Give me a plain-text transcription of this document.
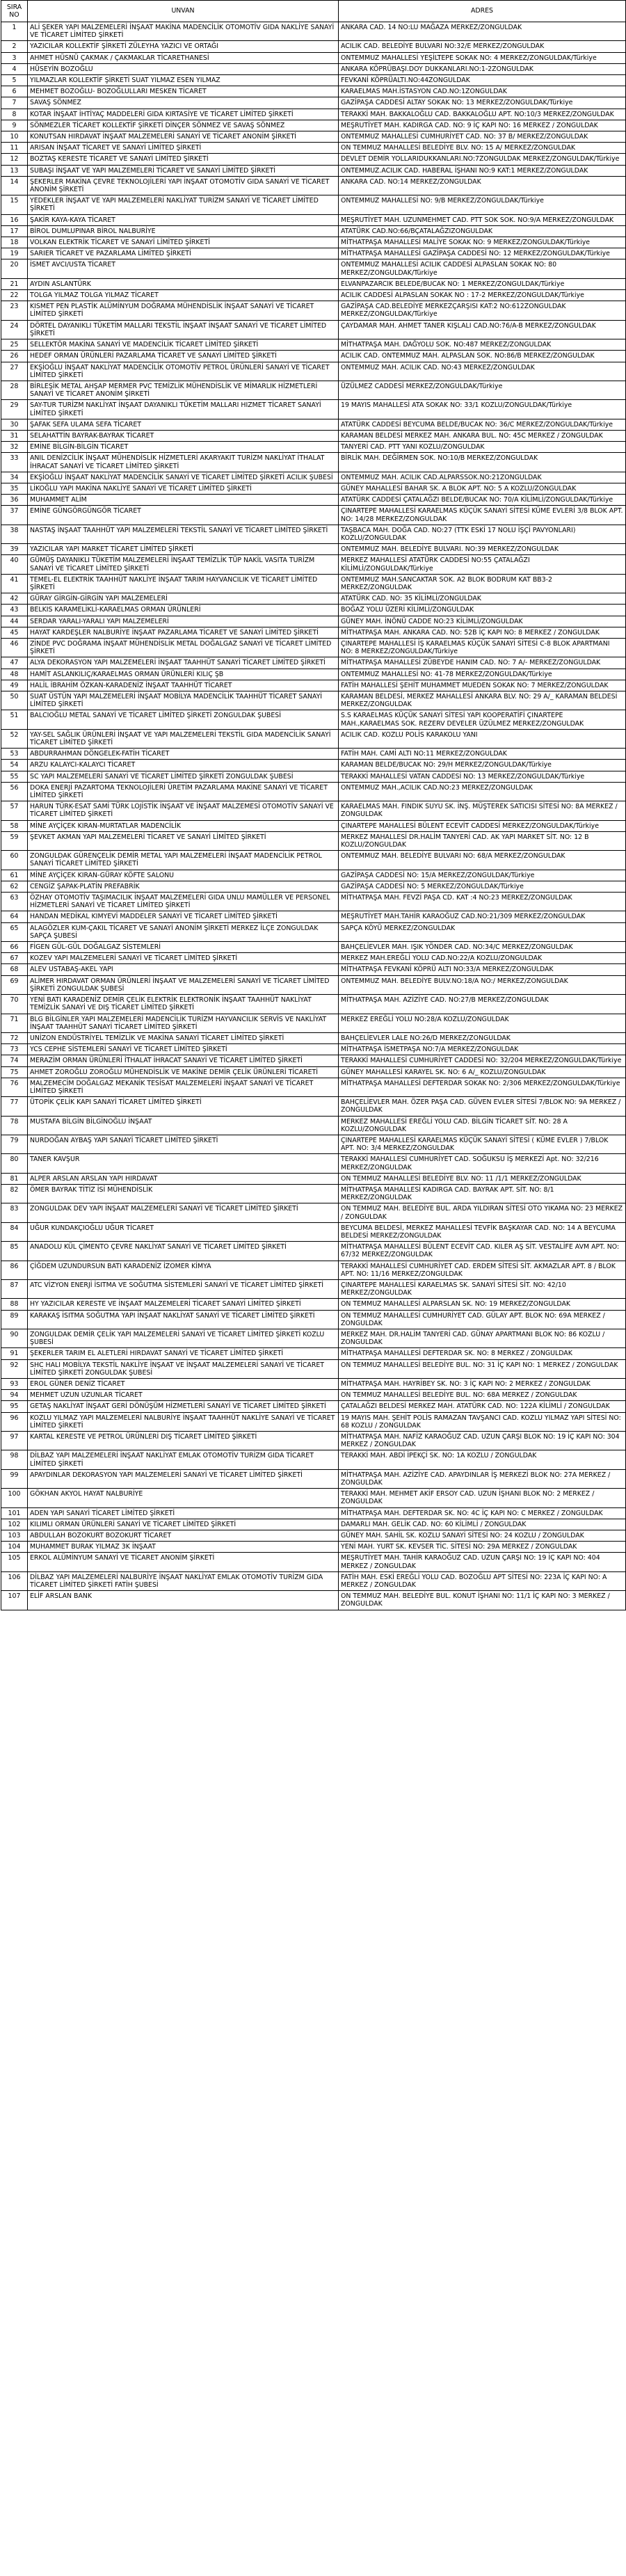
SIRA NO	UNVAN	ADRES
1	ALİ ŞEKER YAPI MALZEMELERİ İNŞAAT MAKİNA MADENCİLİK OTOMOTİV GIDA NAKLİYE SANAYİ VE TİCARET LİMİTED ŞİRKETİ	ANKARA CAD. 14 NO:LU MAĞAZA MERKEZ/ZONGULDAK
2	YAZICILAR KOLLEKTİF ŞİRKETİ ZÜLEYHA YAZICI VE ORTAĞI	ACILIK CAD. BELEDİYE BULVARI NO:32/E MERKEZ/ZONGULDAK
3	AHMET HÜSNÜ ÇAKMAK / ÇAKMAKLAR TİCARETHANESİ	ONTEMMUZ MAHALLESİ YEŞİLTEPE SOKAK NO: 4 MERKEZ/ZONGULDAK/Türkiye
4	HÜSEYİN BOZOĞLU	ANKARA KÖPRÜBAŞI.DOY DUKKANLARI.NO:1-2ZONGULDAK
5	YILMAZLAR KOLLEKTİF ŞİRKETİ SUAT YILMAZ ESEN YILMAZ	FEVKANİ KÖPRÜALTI.NO:44ZONGULDAK
6	MEHMET BOZOĞLU- BOZOĞLULLARI MESKEN TİCARET	KARAELMAS MAH.İSTASYON CAD.NO:1ZONGULDAK
7	SAVAŞ SÖNMEZ	GAZİPAŞA CADDESİ ALTAY SOKAK NO: 13 MERKEZ/ZONGULDAK/Türkiye
8	KOTAR İNŞAAT İHTİYAÇ MADDELERİ GIDA KIRTASİYE VE TİCARET LİMİTED ŞİRKETİ	TERAKKİ MAH. BAKKALOĞLU CAD. BAKKALOĞLU APT. NO:10/3 MERKEZ/ZONGULDAK
9	SÖNMEZLER TİCARET KOLLEKTİF ŞİRKETİ DİNÇER SÖNMEZ VE SAVAŞ SÖNMEZ	MEŞRUTİYET MAH. KADIRGA CAD. NO: 9 İÇ KAPI NO: 16 MERKEZ / ZONGULDAK
10	KONUTSAN HIRDAVAT İNŞAAT MALZEMELERİ SANAYİ VE TİCARET ANONİM ŞİRKETİ	ONTEMMUZ MAHALLESİ CUMHURİYET CAD. NO: 37 B/ MERKEZ/ZONGULDAK
11	ARISAN İNŞAAT TİCARET VE SANAYİ LİMİTED ŞİRKETİ	ON TEMMUZ MAHALLESİ BELEDİYE BLV. NO: 15 A/ MERKEZ/ZONGULDAK
12	BOZTAŞ KERESTE TİCARET VE SANAYİ LİMİTED ŞİRKETİ	DEVLET DEMİR YOLLARIDUKKANLARI.NO:7ZONGULDAK MERKEZ/ZONGULDAK/Türkiye
13	SUBAŞI İNŞAAT VE YAPI MALZEMELERİ TİCARET VE SANAYİ LİMİTED ŞİRKETİ	ONTEMMUZ.ACILIK CAD. HABERAL İŞHANI NO:9 KAT:1 MERKEZ/ZONGULDAK
14	ŞEKERLER MAKİNA ÇEVRE TEKNOLOJİLERİ YAPI İNŞAAT OTOMOTİV GIDA SANAYİ VE TİCARET ANONİM ŞİRKETİ	ANKARA CAD. NO:14 MERKEZ/ZONGULDAK
15	YEDEKLER İNŞAAT VE YAPI MALZEMELERİ NAKLİYAT TURİZM SANAYİ VE TİCARET LİMİTED ŞİRKETİ	ONTEMMUZ MAHALLESİ NO: 9/B MERKEZ/ZONGULDAK/Türkiye
16	ŞAKİR KAYA-KAYA TİCARET	MEŞRUTİYET MAH. UZUNMEHMET CAD. PTT SOK SOK. NO:9/A MERKEZ/ZONGULDAK
17	BİROL DUMLUPINAR BİROL NALBURİYE	ATATÜRK CAD.NO:66/BÇATALAĞZIZONGULDAK
18	VOLKAN ELEKTRİK TİCARET VE SANAYİ LİMİTED ŞİRKETİ	MİTHATPAŞA MAHALLESİ MALİYE SOKAK NO: 9 MERKEZ/ZONGULDAK/Türkiye
19	SARIER TİCARET VE PAZARLAMA LİMİTED ŞİRKETİ	MİTHATPAŞA MAHALLESİ GAZİPAŞA CADDESİ NO: 12 MERKEZ/ZONGULDAK/Türkiye
20	İSMET AVCI/USTA TİCARET	ONTEMMUZ MAHALLESİ ACILIK CADDESİ ALPASLAN SOKAK NO: 80 MERKEZ/ZONGULDAK/Türkiye
21	AYDIN ASLANTÜRK	ELVANPAZARCIK BELEDE/BUCAK NO: 1 MERKEZ/ZONGULDAK/Türkiye
22	TOLGA YILMAZ TOLGA YILMAZ TİCARET	ACILIK CADDESİ ALPASLAN SOKAK NO : 17-2 MERKEZ/ZONGULDAK/Türkiye
23	KISMET PEN PLASTİK ALÜMİNYUM DOĞRAMA MÜHENDİSLİK İNŞAAT SANAYİ VE TİCARET LİMİTED ŞİRKETİ	GAZİPAŞA CAD.BELEDİYE MERKEZÇARŞISI KAT:2 NO:612ZONGULDAK MERKEZ/ZONGULDAK/Türkiye
24	DÖRTEL DAYANIKLI TÜKETİM MALLARI TEKSTİL İNŞAAT İNŞAAT SANAYİ VE TİCARET LİMİTED ŞİRKETİ	ÇAYDAMAR MAH. AHMET TANER KIŞLALI CAD.NO:76/A-B MERKEZ/ZONGULDAK
25	SELLEKTÖR MAKİNA SANAYİ VE MADENCİLİK TİCARET LİMİTED ŞİRKETİ	MİTHATPAŞA MAH. DAĞYOLU SOK. NO:487 MERKEZ/ZONGULDAK
26	HEDEF ORMAN ÜRÜNLERİ PAZARLAMA TİCARET VE SANAYİ LİMİTED ŞİRKETİ	ACILIK CAD. ONTEMMUZ MAH. ALPASLAN SOK. NO:86/B MERKEZ/ZONGULDAK
27	EKŞİOĞLU İNŞAAT NAKLİYAT MADENCİLİK OTOMOTİV PETROL ÜRÜNLERİ SANAYİ VE TİCARET LİMİTED ŞİRKETİ	ONTEMMUZ MAH. ACILIK CAD. NO:43 MERKEZ/ZONGULDAK
28	BİRLEŞİK METAL AHŞAP MERMER PVC TEMİZLİK MÜHENDİSLİK VE MİMARLIK HİZMETLERİ SANAYİ VE TİCARET ANONİM ŞİRKETİ	ÜZÜLMEZ CADDESİ MERKEZ/ZONGULDAK/Türkiye
29	SAY-TUR TURİZM NAKLİYAT İNŞAAT DAYANIKLI TÜKETİM MALLARI HIZMET TİCARET SANAYİ LİMİTED ŞİRKETİ	19 MAYIS MAHALLESİ ATA SOKAK NO: 33/1 KOZLU/ZONGULDAK/Türkiye
30	ŞAFAK SEFA ULAMA SEFA TİCARET	ATATÜRK CADDESİ BEYCUMA BELDE/BUCAK NO: 36/C MERKEZ/ZONGULDAK/Türkiye
31	SELAHATTİN BAYRAK-BAYRAK TİCARET	KARAMAN BELDESİ MERKEZ MAH. ANKARA BUL. NO: 45C MERKEZ / ZONGULDAK
32	EMİNE BİLGİN-BİLGİN TİCARET	TANYERİ CAD. PTT YANI KOZLU/ZONGULDAK
33	ANIL DENİZCİLİK İNŞAAT MÜHENDİSLİK HİZMETLERİ AKARYAKIT TURİZM NAKLİYAT İTHALAT İHRACAT SANAYİ VE TİCARET LİMİTED ŞİRKETİ	BİRLİK MAH. DEĞİRMEN SOK. NO:10/B MERKEZ/ZONGULDAK
34	EKŞİOĞLU İNŞAAT NAKLİYAT MADENCİLİK SANAYİ VE TİCARET LİMİTED ŞİRKETİ ACILIK ŞUBESİ	ONTEMMUZ MAH. ACILIK CAD.ALPARSSOK.NO:21ZONGULDAK
35	LİKOĞLU YAPI MAKİNA NAKLİYE SANAYİ VE TİCARET LİMİTED ŞİRKETİ	GÜNEY MAHALLESİ BAHAR SK. A BLOK APT. NO: 5 A KOZLU/ZONGULDAK
36	MUHAMMET ALİM	ATATÜRK CADDESİ ÇATALAĞZI BELDE/BUCAK NO: 70/A KİLİMLİ/ZONGULDAK/Türkiye
37	EMİNE GÜNGÖRGÜNGÖR TİCARET	ÇINARTEPE MAHALLESİ KARAELMAS KÜÇÜK SANAYİ SİTESİ KÜME EVLERİ 3/8 BLOK APT. NO: 14/28 MERKEZ/ZONGULDAK
38	NASTAŞ İNŞAAT TAAHHÜT YAPI MALZEMELERİ TEKSTİL SANAYİ VE TİCARET LİMİTED ŞİRKETİ	TAŞBACA MAH. DOĞA CAD. NO:27 (TTK ESKİ 17 NOLU İŞÇİ PAVYONLARI) KOZLU/ZONGULDAK
39	YAZICILAR YAPI MARKET TİCARET LİMİTED ŞİRKETİ	ONTEMMUZ MAH. BELEDİYE BULVARI. NO:39 MERKEZ/ZONGULDAK
40	GÜMÜŞ DAYANIKLI TÜKETİM MALZEMELERİ İNŞAAT TEMİZLİK TÜP NAKİL VASITA TURİZM SANAYİ VE TİCARET LİMİTED ŞİRKETİ	MERKEZ MAHALLESİ ATATÜRK CADDESİ NO:55 ÇATALAĞZI KİLİMLİ/ZONGULDAK/Türkiye
41	TEMEL-EL ELEKTRİK TAAHHÜT NAKLİYE İNŞAAT TARIM HAYVANCILIK VE TİCARET LİMİTED ŞİRKETİ	ONTEMMUZ MAH.SANCAKTAR SOK. A2 BLOK BODRUM KAT BB3-2 MERKEZ/ZONGULDAK
42	GÜRAY GİRGİN-GİRGİN YAPI MALZEMELERİ	ATATÜRK CAD. NO: 35 KİLİMLİ/ZONGULDAK
43	BELKIS KARAMELİKLİ-KARAELMAS ORMAN ÜRÜNLERİ	BOĞAZ YOLU ÜZERİ KİLİMLİ/ZONGULDAK
44	SERDAR YARALI-YARALI YAPI MALZEMELERİ	GÜNEY MAH. İNÖNÜ CADDE NO:23 KİLİMLİ/ZONGULDAK
45	HAYAT KARDEŞLER NALBURİYE İNŞAAT PAZARLAMA TİCARET VE SANAYİ LİMİTED ŞİRKETİ	MİTHATPAŞA MAH. ANKARA CAD. NO: 52B İÇ KAPI NO: 8 MERKEZ / ZONGULDAK
46	ZİNDE PVC DOĞRAMA İNŞAAT MÜHENDİSLİK METAL DOĞALGAZ SANAYİ VE TİCARET LİMİTED ŞİRKETİ	ÇINARTEPE MAHALLESİ İŞ KARAELMAS KÜÇÜK SANAYİ SİTESİ C-8 BLOK APARTMANI NO: 8 MERKEZ/ZONGULDAK/Türkiye
47	ALYA DEKORASYON YAPI MALZEMELERİ İNŞAAT TAAHHÜT SANAYİ TİCARET LİMİTED ŞİRKETİ	MİTHATPAŞA MAHALLESİ ZÜBEYDE HANIM CAD. NO: 7 A/- MERKEZ/ZONGULDAK
48	HAMİT ASLANKILIÇ/KARAELMAS ORMAN ÜRÜNLERİ KILIÇ ŞB	ONTEMMUZ MAHALLESİ NO: 41-78 MERKEZ/ZONGULDAK/Türkiye
49	HALİL İBRAHİM ÖZKAN-KARADENİZ İNŞAAT TAAHHÜT TİCARET	FATİH MAHALLESİ ŞEHİT MUHAMMET MUEDEN SOKAK NO: 7 MERKEZ/ZONGULDAK
50	SUAT ÜSTÜN YAPI MALZEMELERİ İNŞAAT MOBİLYA MADENCİLİK TAAHHÜT TİCARET SANAYİ LİMİTED ŞİRKETİ	KARAMAN BELDESİ, MERKEZ MAHALLESİ ANKARA BLV. NO: 29 A/_ KARAMAN BELDESİ MERKEZ/ZONGULDAK
51	BALCIOĞLU METAL SANAYİ VE TİCARET LİMİTED ŞİRKETİ ZONGULDAK ŞUBESİ	S.S KARAELMAS KÜÇÜK SANAYİ SİTESİ YAPI KOOPERATİFİ ÇINARTEPE MAH.,KARAELMAS SOK. REZERV DEVELER ÜZÜLMEZ MERKEZ/ZONGULDAK
52	YAY-SEL SAĞLIK ÜRÜNLERİ İNŞAAT VE YAPI MALZEMELERİ TEKSTİL GIDA MADENCİLİK SANAYİ TİCARET LİMİTED ŞİRKETİ	ACILIK CAD. KOZLU POLİS KARAKOLU YANI
53	ABDURRAHMAN DÖNGELEK-FATİH TİCARET	FATİH MAH. CAMİ ALTI NO:11 MERKEZ/ZONGULDAK
54	ARZU KALAYCI-KALAYCI TİCARET	KARAMAN BELDE/BUCAK NO: 29/H MERKEZ/ZONGULDAK/Türkiye
55	SC YAPI MALZEMELERİ SANAYİ VE TİCARET LİMİTED ŞİRKETİ ZONGULDAK ŞUBESİ	TERAKKİ MAHALLESİ VATAN CADDESİ NO: 13 MERKEZ/ZONGULDAK/Türkiye
56	DOKA ENERJİ PAZARTOMA TEKNOLOJİLERİ ÜRETİM PAZARLAMA MAKİNE SANAYİ VE TİCARET LİMİTED ŞİRKETİ	ONTEMMUZ MAH.,ACILIK CAD.NO:23 MERKEZ/ZONGULDAK
57	HARUN TÜRK-ESAT SAMİ TÜRK LOJİSTİK İNŞAAT VE İNŞAAT MALZEMESİ OTOMOTİV SANAYİ VE TİCARET LİMİTED ŞİRKETİ	KARAELMAS MAH. FINDIK SUYU SK. İNŞ. MÜŞTEREK SATICISI SİTESİ NO: 8A MERKEZ / ZONGULDAK
58	MİNE AYÇİÇEK KIRAN-MURTATLAR MADENCİLİK	ÇINARTEPE MAHALLESİ BÜLENT ECEVİT CADDESİ MERKEZ/ZONGULDAK/Türkiye
59	ŞEVKET AKMAN YAPI MALZEMELERİ TİCARET VE SANAYİ LİMİTED ŞİRKETİ	MERKEZ MAHALLESİ DR.HALİM TANYERİ CAD. AK YAPI MARKET SİT. NO: 12 B KOZLU/ZONGULDAK
60	ZONGULDAK GÜRENÇELİK DEMİR METAL YAPI MALZEMELERİ İNŞAAT MADENCİLİK PETROL SANAYİ TİCARET LİMİTED ŞİRKETİ	ONTEMMUZ MAH. BELEDİYE BULVARI NO: 68/A MERKEZ/ZONGULDAK
61	MİNE AYÇİÇEK KIRAN-GÜRAY KÖFTE SALONU	GAZİPAŞA CADDESİ NO: 15/A MERKEZ/ZONGULDAK/Türkiye
62	CENGİZ ŞAPAK-PLATİN PREFABRİK	GAZİPAŞA CADDESİ NO: 5 MERKEZ/ZONGULDAK/Türkiye
63	ÖZHAY OTOMOTİV TAŞIMACILIK İNŞAAT MALZEMELERİ GIDA UNLU MAMÜLLER VE PERSONEL HİZMETLERİ SANAYİ VE TİCARET LİMİTED ŞİRKETİ	MİTHATPAŞA MAH. FEVZİ PAŞA CD. KAT :4 NO:23 MERKEZ/ZONGULDAK
64	HANDAN MEDİKAL KIMYEVİ MADDELER SANAYİ VE TİCARET LİMİTED ŞİRKETİ	MEŞRUTİYET MAH.TAHİR KARAOĞUZ CAD.NO:21/309 MERKEZ/ZONGULDAK
65	ALAGÖZLER KUM-ÇAKIL TİCARET VE SANAYİ ANONİM ŞİRKETİ MERKEZ İLÇE ZONGULDAK SAPÇA ŞUBESİ	SAPÇA KÖYÜ MERKEZ/ZONGULDAK
66	FİGEN GÜL-GÜL DOĞALGAZ SİSTEMLERİ	BAHÇELİEVLER MAH. IŞIK YÖNDER CAD. NO:34/C MERKEZ/ZONGULDAK
67	KOZEV YAPI MALZEMELERİ SANAYİ VE TİCARET LİMİTED ŞİRKETİ	MERKEZ MAH.EREĞLİ YOLU CAD.NO:22/A KOZLU/ZONGULDAK
68	ALEV USTABAŞ-AKEL YAPI	MİTHATPAŞA FEVKANİ KÖPRÜ ALTI NO:33/A MERKEZ/ZONGULDAK
69	ALİMER HIRDAVAT ORMAN ÜRÜNLERİ İNŞAAT VE MALZEMELERİ SANAYİ VE TİCARET LİMİTED ŞİRKETİ ZONGULDAK ŞUBESİ	ONTEMMUZ MAH. BELEDİYE BULV.NO:18/A NO:/ MERKEZ/ZONGULDAK
70	YENİ BATI KARADENİZ DEMİR ÇELİK ELEKTRİK ELEKTRONİK İNŞAAT TAAHHÜT NAKLİYAT TEMİZLİK SANAYİ VE DIŞ TİCARET LİMİTED ŞİRKETİ	MİTHATPAŞA MAH. AZİZİYE CAD. NO:27/B MERKEZ/ZONGULDAK
71	BLG BİLGİNLER YAPI MALZEMELERİ MADENCİLİK TURİZM HAYVANCILIK SERVİS VE NAKLİYAT İNŞAAT TAAHHÜT SANAYİ TİCARET LİMİTED ŞİRKETİ	MERKEZ EREĞLİ YOLU NO:28/A KOZLU/ZONGULDAK
72	UNİZON ENDÜSTRİYEL TEMİZLİK VE MAKİNA SANAYİ TİCARET LİMİTED ŞİRKETİ	BAHÇELİEVLER LALE NO:26/D MERKEZ/ZONGULDAK
73	YCS CEPHE SİSTEMLERİ SANAYİ VE TİCARET LİMİTED ŞİRKETİ	MİTHATPAŞA İSMETPAŞA NO:7/A MERKEZ/ZONGULDAK
74	MERAZİM ORMAN ÜRÜNLERİ İTHALAT İHRACAT SANAYİ VE TİCARET LİMİTED ŞİRKETİ	TERAKKİ MAHALLESİ CUMHURİYET CADDESİ NO: 32/204 MERKEZ/ZONGULDAK/Türkiye
75	AHMET ZOROĞLU ZOROĞLU MÜHENDİSLİK VE MAKİNE DEMİR ÇELİK ÜRÜNLERİ TİCARETİ	GÜNEY MAHALLESİ KARAYEL SK. NO: 6 A/_ KOZLU/ZONGULDAK
76	MALZEMECİM DOĞALGAZ MEKANİK TESİSAT MALZEMELERİ İNŞAAT SANAYİ VE TİCARET LİMİTED ŞİRKETİ	MİTHATPAŞA MAHALLESİ DEFTERDAR SOKAK NO: 2/306 MERKEZ/ZONGULDAK/Türkiye
77	ÜTOPİK ÇELİK KAPI SANAYİ TİCARET LİMİTED ŞİRKETİ	BAHÇELİEVLER MAH. ÖZER PAŞA CAD. GÜVEN EVLER SİTESİ 7/BLOK NO: 9A MERKEZ / ZONGULDAK
78	MUSTAFA BİLGİN BİLGİNOĞLU İNŞAAT	MERKEZ MAHALLESİ EREĞLİ YOLU CAD. BİLGİN TİCARET SİT. NO: 28 A KOZLU/ZONGULDAK
79	NURDOĞAN AYBAŞ YAPI SANAYİ TİCARET LİMİTED ŞİRKETİ	ÇINARTEPE MAHALLESİ KARAELMAS KÜÇÜK SANAYİ SİTESİ ( KÜME EVLER ) 7/BLOK APT. NO: 3/4 MERKEZ/ZONGULDAK
80	TANER KAVŞUR	TERAKKİ MAHALLESİ CUMHURİYET CAD. SOĞUKSU İŞ MERKEZİ Apt. NO: 32/216 MERKEZ/ZONGULDAK
81	ALPER ARSLAN ARSLAN YAPI HIRDAVAT	ON TEMMUZ MAHALLESİ BELEDİYE BLV. NO: 11 /1/1 MERKEZ/ZONGULDAK
82	ÖMER BAYRAK TİTİZ İSİ MÜHENDİSLİK	MİTHATPAŞA MAHALLESİ KADIRGA CAD. BAYRAK APT. SİT. NO: 8/1 MERKEZ/ZONGULDAK
83	ZONGULDAK DEV YAPI İNŞAAT MALZEMELERİ SANAYİ VE TİCARET LİMİTED ŞİRKETİ	ON TEMMUZ MAH. BELEDİYE BUL. ARDA YILDIRAN SİTESİ OTO YIKAMA NO: 23 MERKEZ / ZONGULDAK
84	UĞUR KUNDAKÇIOĞLU UĞUR TİCARET	BEYCUMA BELDESİ, MERKEZ MAHALLESİ TEVFİK BAŞKAYAR CAD. NO: 14 A BEYCUMA BELDESİ MERKEZ/ZONGULDAK
85	ANADOLU KÜL ÇİMENTO ÇEVRE NAKLİYAT SANAYİ VE TİCARET LİMİTED ŞİRKETİ	MİTHATPAŞA MAHALLESİ BÜLENT ECEVİT CAD. KILER AŞ SİT. VESTALİFE AVM APT. NO: 67/32 MERKEZ/ZONGULDAK
86	ÇİĞDEM UZUNDURSUN BATI KARADENİZ İZOMER KİMYA	TERAKKİ MAHALLESİ CUMHURİYET CAD. ERDEM SİTESİ SİT. AKMAZLAR APT. 8 / BLOK APT. NO: 11/16 MERKEZ/ZONGULDAK
87	ATC VİZYON ENERJİ İSITMA VE SOĞUTMA SİSTEMLERİ SANAYİ VE TİCARET LİMİTED ŞİRKETİ	ÇINARTEPE MAHALLESİ KARAELMAS SK. SANAYİ SİTESİ SİT. NO: 42/10 MERKEZ/ZONGULDAK
88	HY YAZICILAR KERESTE VE İNŞAAT MALZEMELERİ TİCARET SANAYİ LİMİTED ŞİRKETİ	ON TEMMUZ MAHALLESİ ALPARSLAN SK. NO: 19 MERKEZ/ZONGULDAK
89	KARAKAŞ İSITMA SOĞUTMA YAPI İNŞAAT NAKLİYAT SANAYİ VE TİCARET LİMİTED ŞİRKETİ	ON TEMMUZ MAHALLESİ CUMHURİYET CAD. GÜLAY APT. BLOK NO: 69A MERKEZ / ZONGULDAK
90	ZONGULDAK DEMİR ÇELİK YAPI MALZEMELERİ SANAYİ VE TİCARET LİMİTED ŞİRKETİ KOZLU ŞUBESİ	MERKEZ MAH. DR.HALİM TANYERİ CAD. GÜNAY APARTMANI BLOK NO: 86 KOZLU / ZONGULDAK
91	ŞEKERLER TARIM EL ALETLERİ HIRDAVAT SANAYİ VE TİCARET LİMİTED ŞİRKETİ	MİTHATPAŞA MAHALLESİ DEFTERDAR SK. NO: 8 MERKEZ / ZONGULDAK
92	SHC HALI MOBİLYA TEKSTİL NAKLİYE İNŞAAT VE İNŞAAT MALZEMELERİ SANAYİ VE TİCARET LİMİTED ŞİRKETİ ZONGULDAK ŞUBESİ	ON TEMMUZ MAHALLESİ BELEDİYE BUL. NO: 31 İÇ KAPI NO: 1 MERKEZ / ZONGULDAK
93	EROL GÜNER DENİZ TİCARET	MİTHATPAŞA MAH. HAYRİBEY SK. NO: 3 İÇ KAPI NO: 2 MERKEZ / ZONGULDAK
94	MEHMET UZUN UZUNLAR TİCARET	ON TEMMUZ MAHALLESİ BELEDİYE BUL. NO: 68A MERKEZ / ZONGULDAK
95	GETAŞ NAKLİYAT İNŞAAT GERİ DÖNÜŞÜM HİZMETLERİ SANAYİ VE TİCARET LİMİTED ŞİRKETİ	ÇATALAĞZI BELDESİ MERKEZ MAH. ATATÜRK CAD. NO: 122A KİLİMLİ / ZONGULDAK
96	KOZLU YILMAZ YAPI MALZEMELERİ NALBURİYE İNŞAAT TAAHHÜT NAKLİYE SANAYİ VE TİCARET LİMİTED ŞİRKETİ	19 MAYIS MAH. ŞEHİT POLİS RAMAZAN TAVŞANCI CAD. KOZLU YILMAZ YAPI SİTESİ NO: 68 KOZLU / ZONGULDAK
97	KARTAL KERESTE VE PETROL ÜRÜNLERİ DIŞ TİCARET LİMİTED ŞİRKETİ	MİTHATPAŞA MAH. NAFİZ KARAOĞUZ CAD. UZUN ÇARŞI BLOK NO: 19 İÇ KAPI NO: 304 MERKEZ / ZONGULDAK
98	DİLBAZ YAPI MALZEMELERİ İNŞAAT NAKLİYAT EMLAK OTOMOTİV TURİZM GIDA TİCARET LİMİTED ŞİRKETİ	TERAKKİ MAH. ABDİ İPEKÇİ SK. NO: 1A KOZLU / ZONGULDAK
99	APAYDINLAR DEKORASYON YAPI MALZEMELERİ SANAYİ VE TİCARET LİMİTED ŞİRKETİ	MİTHATPAŞA MAH. AZİZİYE CAD. APAYDINLAR İŞ MERKEZİ BLOK NO: 27A MERKEZ / ZONGULDAK
100	GÖKHAN AKYOL HAYAT NALBURİYE	TERAKKİ MAH. MEHMET AKİF ERSOY CAD. UZUN İŞHANI BLOK NO: 2 MERKEZ / ZONGULDAK
101	ADEN YAPI SANAYİ TİCARET LİMİTED ŞİRKETİ	MİTHATPAŞA MAH. DEFTERDAR SK. NO: 4C İÇ KAPI NO: C MERKEZ / ZONGULDAK
102	KILIMLI ORMAN ÜRÜNLERİ SANAYİ VE TİCARET LİMİTED ŞİRKETİ	DAMARLI MAH. GELİK CAD. NO: 60 KİLİMLİ / ZONGULDAK
103	ABDULLAH BOZOKURT BOZOKURT TİCARET	GÜNEY MAH. SAHİL SK. KOZLU SANAYİ SİTESİ NO: 24 KOZLU / ZONGULDAK
104	MUHAMMET BURAK YILMAZ 3K İNŞAAT	YENİ MAH. YURT SK. KEVSER TİC. SİTESİ NO: 29A MERKEZ / ZONGULDAK
105	ERKOL ALÜMİNYUM SANAYİ VE TİCARET ANONİM ŞİRKETİ	MEŞRUTİYET MAH. TAHİR KARAOĞUZ CAD. UZUN ÇARŞI NO: 19 İÇ KAPI NO: 404 MERKEZ / ZONGULDAK
106	DİLBAZ YAPI MALZEMELERİ NALBURİYE İNŞAAT NAKLİYAT EMLAK OTOMOTİV TURİZM GIDA TİCARET LİMİTED ŞİRKETİ FATİH ŞUBESİ	FATİH MAH. ESKİ EREĞLİ YOLU CAD. BOZOĞLU APT SİTESİ NO: 223A İÇ KAPI NO: A MERKEZ / ZONGULDAK
107	ELİF ARSLAN BANK	ON TEMMUZ MAH. BELEDİYE BUL. KONUT İŞHANI NO: 11/1 İÇ KAPI NO: 3 MERKEZ / ZONGULDAK
